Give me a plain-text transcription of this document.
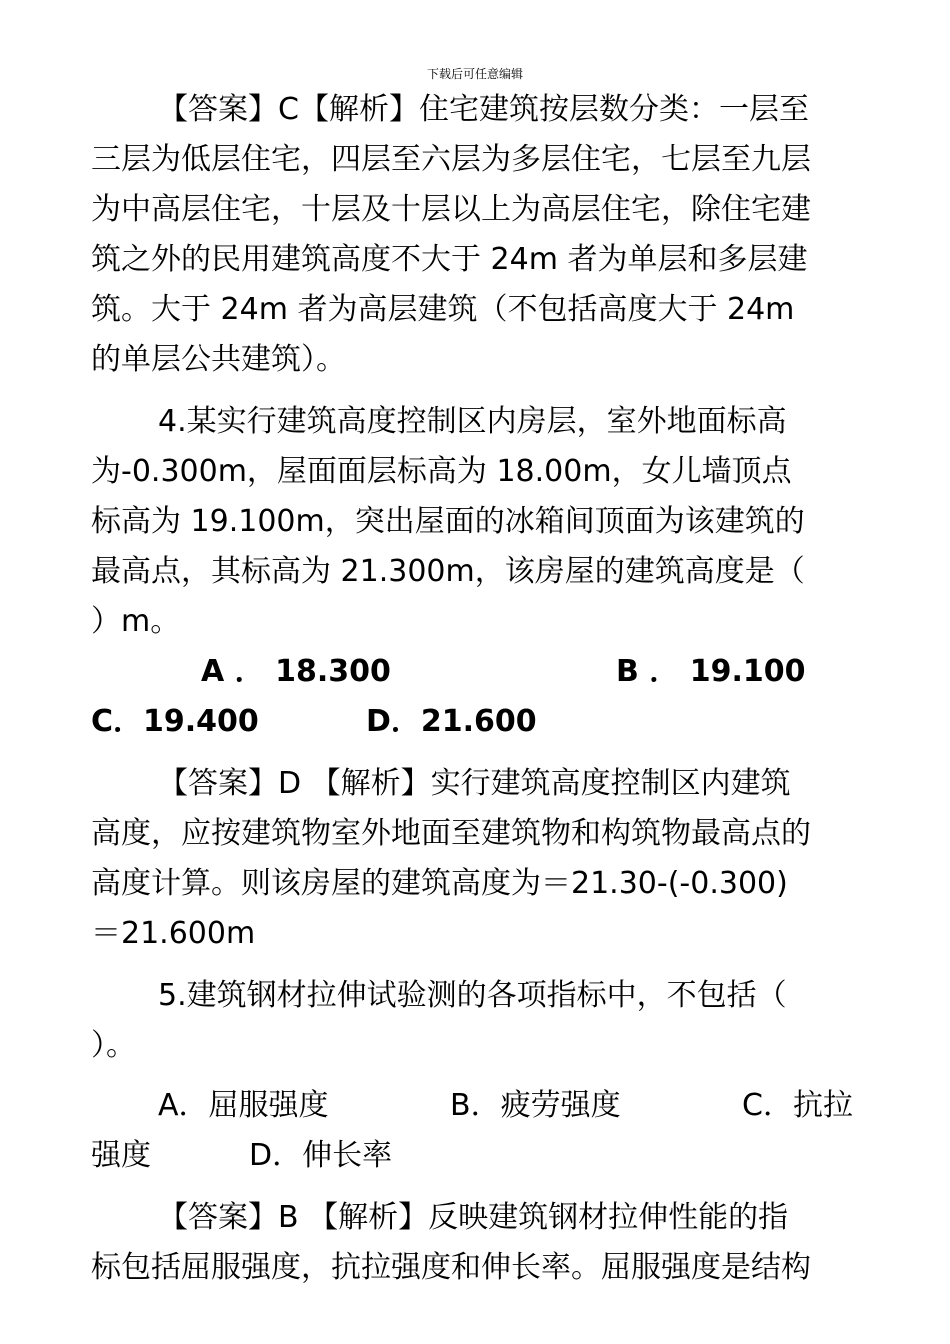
下载后可任意编辑
【答案】C【解析】住宅建筑按层数分类：一层至
三层为低层住宅，四层至六层为多层住宅，七层至九层
为中高层住宅，十层及十层以上为高层住宅，除住宅建
筑之外的民用建筑高度不大于 24m 者为单层和多层建
筑。大于 24m 者为高层建筑（不包括高度大于 24m
的单层公共建筑）。
4.某实行建筑高度控制区内房层，室外地面标高
为-0.300m，屋面面层标高为 18.00m，女儿墙顶点
标高为 19.100m，突出屋面的冰箱间顶面为该建筑的
最高点，其标高为 21.300m，该房屋的建筑高度是（
）m。
A ． 18.300	B ． 19.100
C．19.400	D．21.600
【答案】D 【解析】实行建筑高度控制区内建筑
高度，应按建筑物室外地面至建筑物和构筑物最高点的
高度计算。则该房屋的建筑高度为＝21.30-(-0.300)
＝21.600m
5.建筑钢材拉伸试验测的各项指标中，不包括（
）。
A．屈服强度	B．疲劳强度	C．抗拉
强度	D．伸长率
【答案】B 【解析】反映建筑钢材拉伸性能的指
标包括屈服强度，抗拉强度和伸长率。屈服强度是结构
